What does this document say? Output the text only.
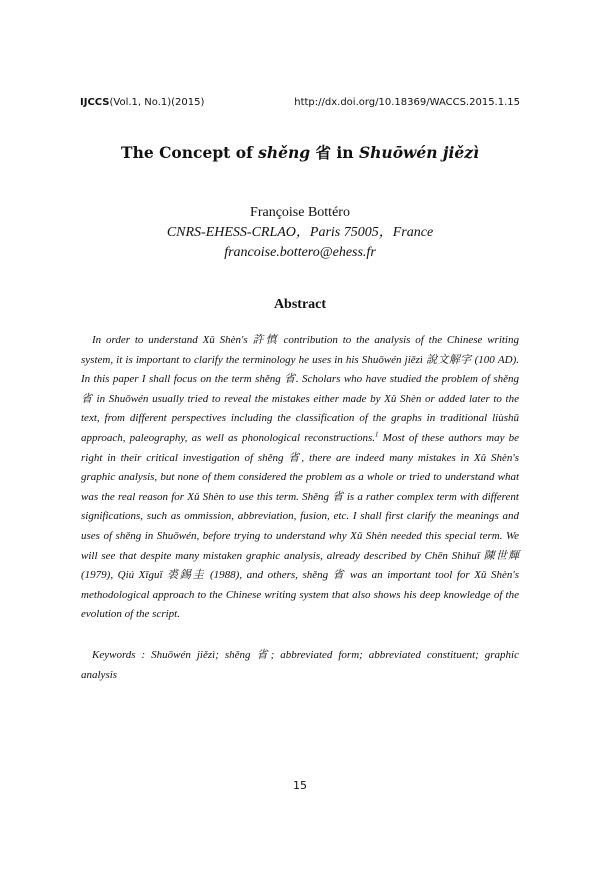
IJCCS(Vol.1, No.1)(2015)	http://dx.doi.org/10.18369/WACCS.2015.1.15
The Concept of shěng 省 in Shuōwén jiězì
Françoise Bottéro
CNRS-EHESS-CRLAO，Paris 75005，France
francoise.bottero@ehess.fr
Abstract
In order to understand Xǔ Shèn's 許慎 contribution to the analysis of the Chinese writing system, it is important to clarify the terminology he uses in his Shuōwén jiězì 說文解字 (100 AD). In this paper I shall focus on the term shěng 省. Scholars who have studied the problem of shěng 省 in Shuōwén usually tried to reveal the mistakes either made by Xǔ Shèn or added later to the text, from different perspectives including the classification of the graphs in traditional liùshū approach, paleography, as well as phonological reconstructions.$^1$ Most of these authors may be right in their critical investigation of shěng 省, there are indeed many mistakes in Xǔ Shèn's graphic analysis, but none of them considered the problem as a whole or tried to understand what was the real reason for Xǔ Shèn to use this term. Shěng 省 is a rather complex term with different significations, such as ommission, abbreviation, fusion, etc. I shall first clarify the meanings and uses of shěng in Shuōwén, before trying to understand why Xǔ Shèn needed this special term. We will see that despite many mistaken graphic analysis, already described by Chēn Shìhuī 陳世輝 (1979), Qiú Xīguī 裘錫圭 (1988), and others, shěng 省 was an important tool for Xǔ Shèn's methodological approach to the Chinese writing system that also shows his deep knowledge of the evolution of the script.
Keywords : Shuōwén jiězì; shěng 省; abbreviated form; abbreviated constituent; graphic analysis
15
